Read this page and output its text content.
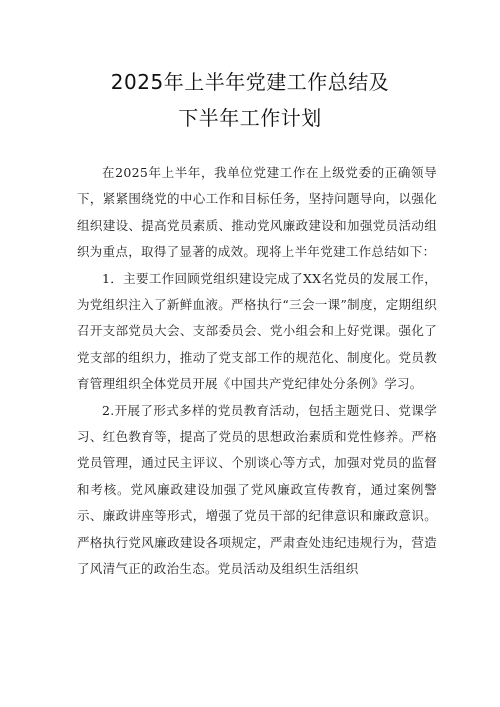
2025年上半年党建工作总结及
下半年工作计划

在2025年上半年，我单位党建工作在上级党委的正确领导下，紧紧围绕党的中心工作和目标任务，坚持问题导向，以强化组织建设、提高党员素质、推动党风廉政建设和加强党员活动组织为重点，取得了显著的成效。现将上半年党建工作总结如下：

1．主要工作回顾党组织建设完成了XX名党员的发展工作，为党组织注入了新鲜血液。严格执行“三会一课”制度，定期组织召开支部党员大会、支部委员会、党小组会和上好党课。强化了党支部的组织力，推动了党支部工作的规范化、制度化。党员教育管理组织全体党员开展《中国共产党纪律处分条例》学习。

2.开展了形式多样的党员教育活动，包括主题党日、党课学习、红色教育等，提高了党员的思想政治素质和党性修养。严格党员管理，通过民主评议、个别谈心等方式，加强对党员的监督和考核。党风廉政建设加强了党风廉政宣传教育，通过案例警示、廉政讲座等形式，增强了党员干部的纪律意识和廉政意识。严格执行党风廉政建设各项规定，严肃查处违纪违规行为，营造了风清气正的政治生态。党员活动及组织生活组织
